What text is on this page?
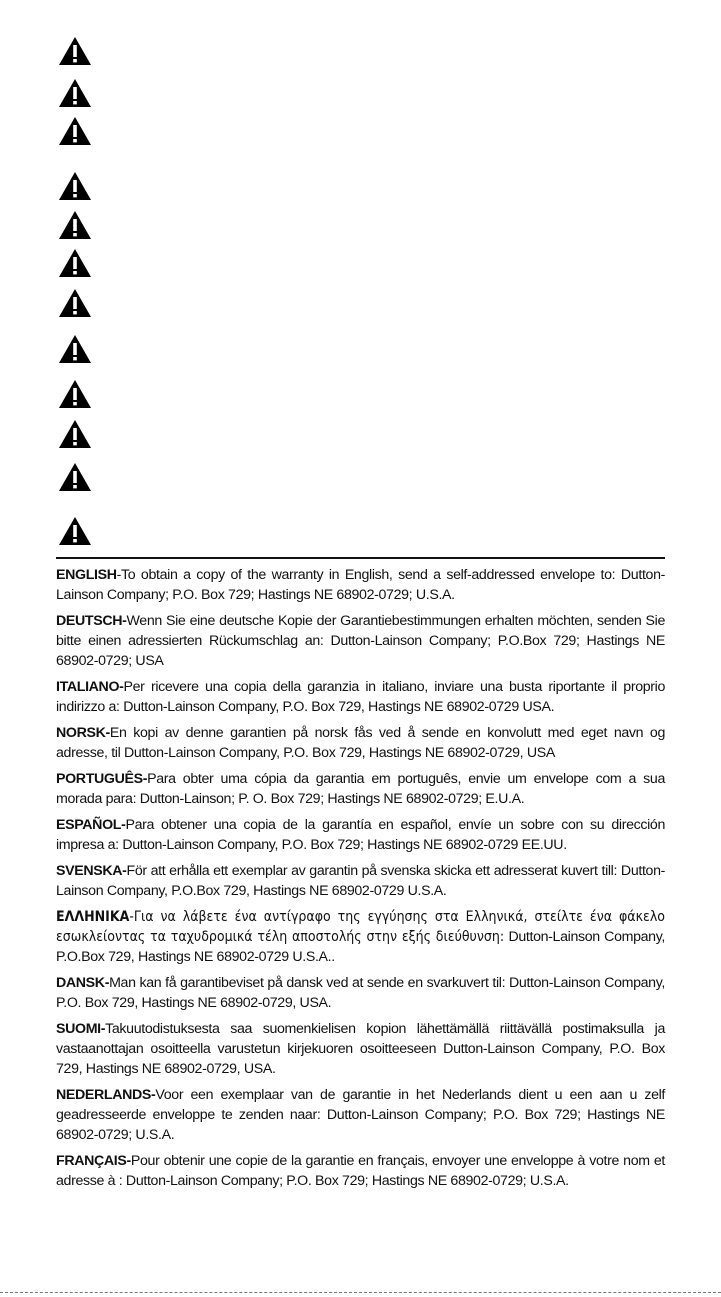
ENGLISH-To obtain a copy of the warranty in English, send a self-addressed envelope to: Dutton-Lainson Company; P.O. Box 729; Hastings NE 68902-0729; U.S.A.

DEUTSCH-Wenn Sie eine deutsche Kopie der Garantiebestimmungen erhalten möchten, senden Sie bitte einen adressierten Rückumschlag an: Dutton-Lainson Company; P.O.Box 729; Hastings NE 68902-0729; USA

ITALIANO-Per ricevere una copia della garanzia in italiano, inviare una busta riportante il proprio indirizzo a: Dutton-Lainson Company, P.O. Box 729, Hastings NE 68902-0729 USA.

NORSK-En kopi av denne garantien på norsk fås ved å sende en konvolutt med eget navn og adresse, til Dutton-Lainson Company, P.O. Box 729, Hastings NE 68902-0729, USA

PORTUGUÊS-Para obter uma cópia da garantia em português, envie um envelope com a sua morada para: Dutton-Lainson; P. O. Box 729; Hastings NE 68902-0729; E.U.A.

ESPAÑOL-Para obtener una copia de la garantía en español, envíe un sobre con su dirección impresa a: Dutton-Lainson Company, P.O. Box 729; Hastings NE 68902-0729 EE.UU.

SVENSKA-För att erhålla ett exemplar av garantin på svenska skicka ett adresserat kuvert till: Dutton-Lainson Company, P.O.Box 729, Hastings NE 68902-0729 U.S.A.

ΕΛΛΗΝΙΚΑ-Για να λάβετε ένα αντίγραφο της εγγύησης στα Ελληνικά, στείλτε ένα φάκελο εσωκλείοντας τα ταχυδρομικά τέλη αποστολής στην εξής διεύθυνση: Dutton-Lainson Company, P.O.Box 729, Hastings NE 68902-0729 U.S.A..

DANSK-Man kan få garantibeviset på dansk ved at sende en svarkuvert til: Dutton-Lainson Company, P.O. Box 729, Hastings NE 68902-0729, USA.

SUOMI-Takuutodistuksesta saa suomenkielisen kopion lähettämällä riittävällä postimaksulla ja vastaanottajan osoitteella varustetun kirjekuoren osoitteeseen Dutton-Lainson Company, P.O. Box 729, Hastings NE 68902-0729, USA.

NEDERLANDS-Voor een exemplaar van de garantie in het Nederlands dient u een aan u zelf geadresseerde enveloppe te zenden naar: Dutton-Lainson Company; P.O. Box 729; Hastings NE 68902-0729; U.S.A.

FRANÇAIS-Pour obtenir une copie de la garantie en français, envoyer une enveloppe à votre nom et adresse à : Dutton-Lainson Company; P.O. Box 729; Hastings NE 68902-0729; U.S.A.
